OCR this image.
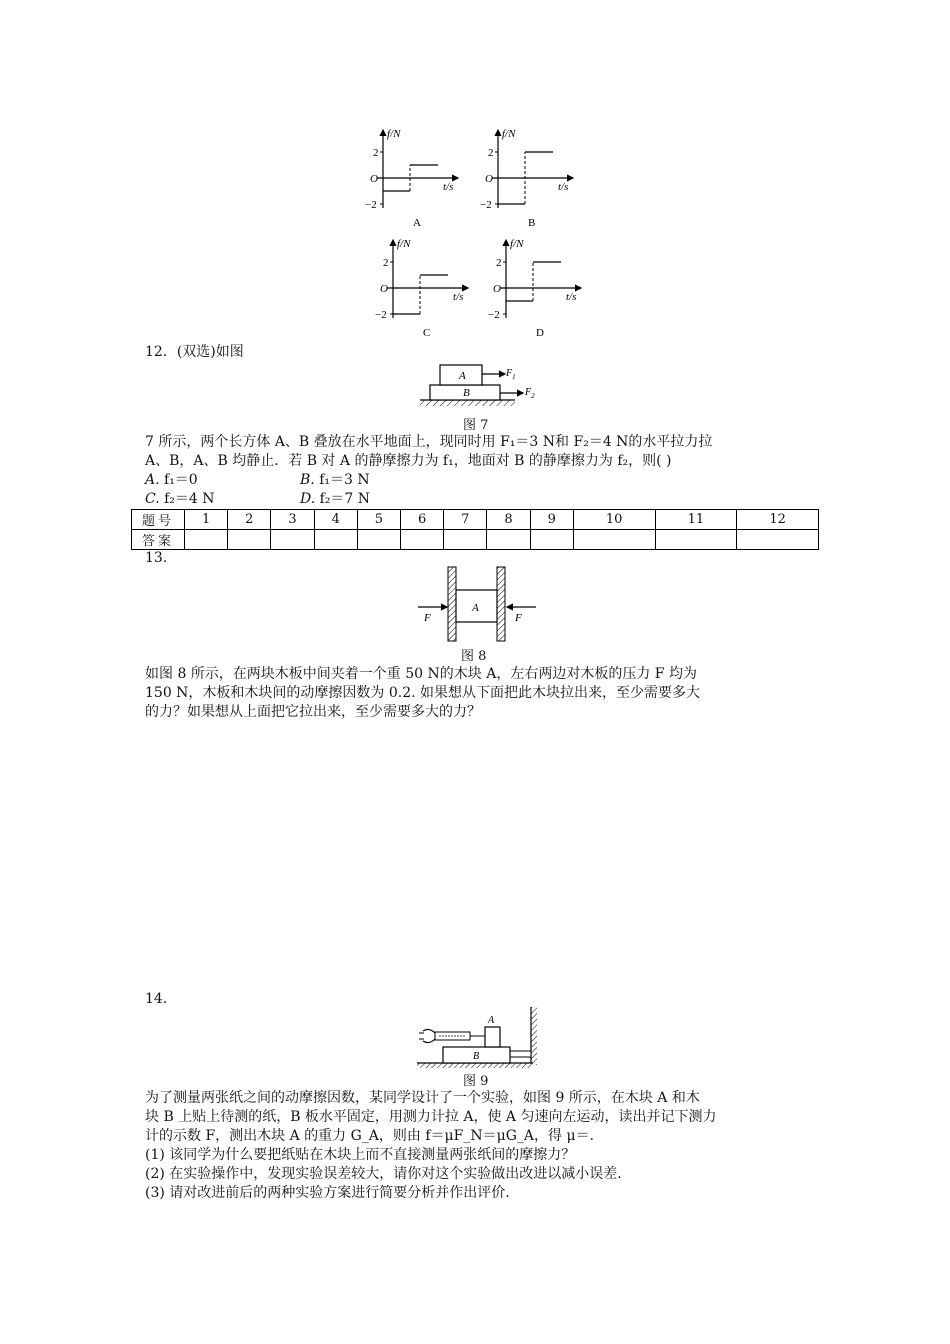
f/N
t/s
O
2
−2
A
f/N
t/s
O
2
−2
B
f/N
t/s
O
2
−2
C
f/N
t/s
O
2
−2
D
12．(双选)如图
A
B
$F_1$
$F_2$
图 7
7 所示，两个长方体 A、B 叠放在水平地面上，现同时用 F₁＝3 N和 F₂＝4 N的水平拉力拉
A、B，A、B 均静止．若 B 对 A 的静摩擦力为 f₁，地面对 B 的静摩擦力为 f₂，则( )
A. f₁＝0	B. f₁＝3 N
C. f₂＝4 N	D. f₂＝7 N
题号	1	2	3	4	5	6	7	8	9	10	11	12
答案												
13.
A
F	F
图 8
如图 8 所示，在两块木板中间夹着一个重 50 N的木块 A，左右两边对木板的压力 F 均为
150 N，木板和木块间的动摩擦因数为 0.2. 如果想从下面把此木块拉出来，至少需要多大
的力？如果想从上面把它拉出来，至少需要多大的力？
14.
B
A
图 9
为了测量两张纸之间的动摩擦因数，某同学设计了一个实验，如图 9 所示，在木块 A 和木
块 B 上贴上待测的纸，B 板水平固定，用测力计拉 A，使 A 匀速向左运动，读出并记下测力
计的示数 F，测出木块 A 的重力 G_A，则由 f＝μF_N＝μG_A，得 μ＝.
(1) 该同学为什么要把纸贴在木块上而不直接测量两张纸间的摩擦力？
(2) 在实验操作中，发现实验误差较大，请你对这个实验做出改进以减小误差.
(3) 请对改进前后的两种实验方案进行简要分析并作出评价.
